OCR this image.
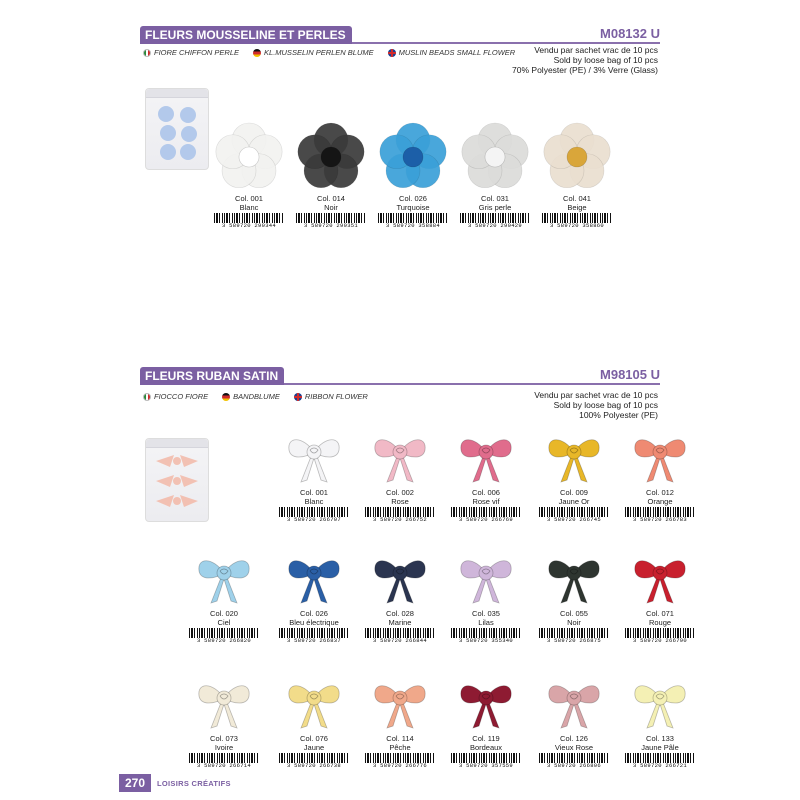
FLEURS MOUSSELINE ET PERLES	M08132 U
FIORE CHIFFON PERLE	KL.MUSSELIN PERLEN BLUME	MUSLIN BEADS SMALL FLOWER	Vendu par sachet vrac de 10 pcs
Sold by loose bag of 10 pcs
70% Polyester (PE) / 3% Verre (Glass)
Col. 001
Blanc
3 589720 290344
Col. 014
Noir
3 589720 290351
Col. 026
Turquoise
3 589720 358884
Col. 031
Gris perle
3 589720 290429
Col. 041
Beige
3 589720 358860
FLEURS RUBAN SATIN	M98105 U
FIOCCO FIORE	BANDBLUME	RIBBON FLOWER	Vendu par sachet vrac de 10 pcs
Sold by loose bag of 10 pcs
100% Polyester (PE)
Col. 001
Blanc
3 589720 266707
Col. 002
Rose
3 589720 266752
Col. 006
Rose vif
3 589720 266769
Col. 009
Jaune Or
3 589720 266745
Col. 012
Orange
3 589720 266783
Col. 020
Ciel
3 589720 266820
Col. 026
Bleu électrique
3 589720 266837
Col. 028
Marine
3 589720 266844
Col. 035
Lilas
3 589720 355340
Col. 055
Noir
3 589720 266875
Col. 071
Rouge
3 589720 266790
Col. 073
Ivoire
3 589720 266714
Col. 076
Jaune
3 589720 266738
Col. 114
Pêche
3 589720 266776
Col. 119
Bordeaux
3 589720 357559
Col. 126
Vieux Rose
3 589720 266806
Col. 133
Jaune Pâle
3 589720 266721
270	LOISIRS CRÉATIFS
